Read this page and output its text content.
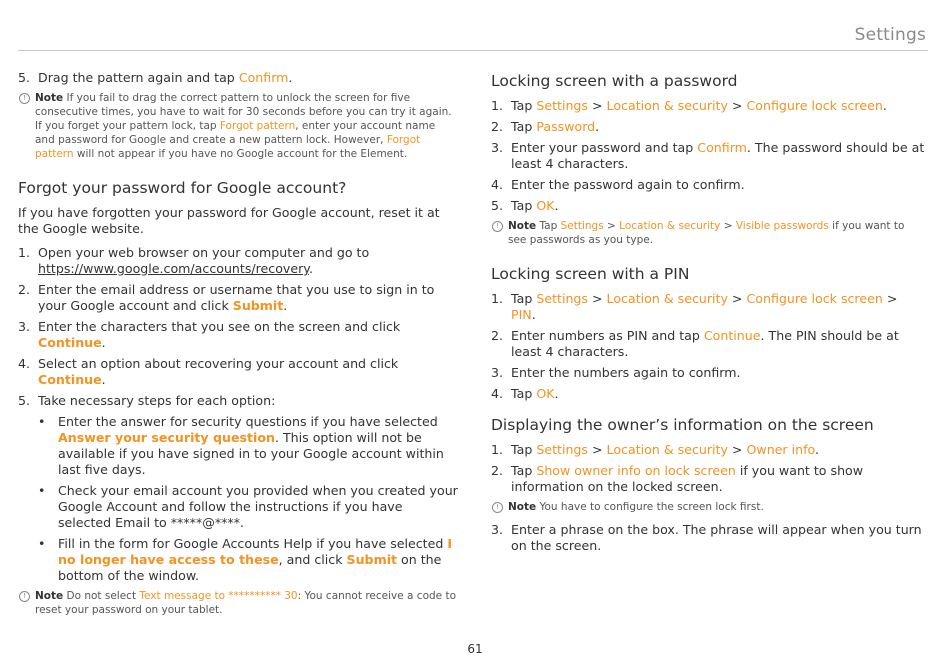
Settings
5. Drag the pattern again and tap Confirm.
! Note If you fail to drag the correct pattern to unlock the screen for five consecutive times, you have to wait for 30 seconds before you can try it again. If you forget your pattern lock, tap Forgot pattern, enter your account name and password for Google and create a new pattern lock. However, Forgot pattern will not appear if you have no Google account for the Element.
Forgot your password for Google account?

If you have forgotten your password for Google account, reset it at the Google website.

1. Open your web browser on your computer and go to https://www.google.com/accounts/recovery.
2. Enter the email address or username that you use to sign in to your Google account and click Submit.
3. Enter the characters that you see on the screen and click Continue.
4. Select an option about recovering your account and click Continue.
5. Take necessary steps for each option:
• Enter the answer for security questions if you have selected Answer your security question. This option will not be available if you have signed in to your Google account within last five days.
• Check your email account you provided when you created your Google Account and follow the instructions if you have selected Email to *****@****.
• Fill in the form for Google Accounts Help if you have selected I no longer have access to these, and click Submit on the bottom of the window.
! Note Do not select Text message to ********** 30: You cannot receive a code to reset your password on your tablet.
Locking screen with a password
1. Tap Settings > Location & security > Configure lock screen.
2. Tap Password.
3. Enter your password and tap Confirm. The password should be at least 4 characters.
4. Enter the password again to confirm.
5. Tap OK.
! Note Tap Settings > Location & security > Visible passwords if you want to see passwords as you type.
Locking screen with a PIN
1. Tap Settings > Location & security > Configure lock screen > PIN.
2. Enter numbers as PIN and tap Continue. The PIN should be at least 4 characters.
3. Enter the numbers again to confirm.
4. Tap OK.
Displaying the owner’s information on the screen
1. Tap Settings > Location & security > Owner info.
2. Tap Show owner info on lock screen if you want to show information on the locked screen.
! Note You have to configure the screen lock first.
3. Enter a phrase on the box. The phrase will appear when you turn on the screen.
61
